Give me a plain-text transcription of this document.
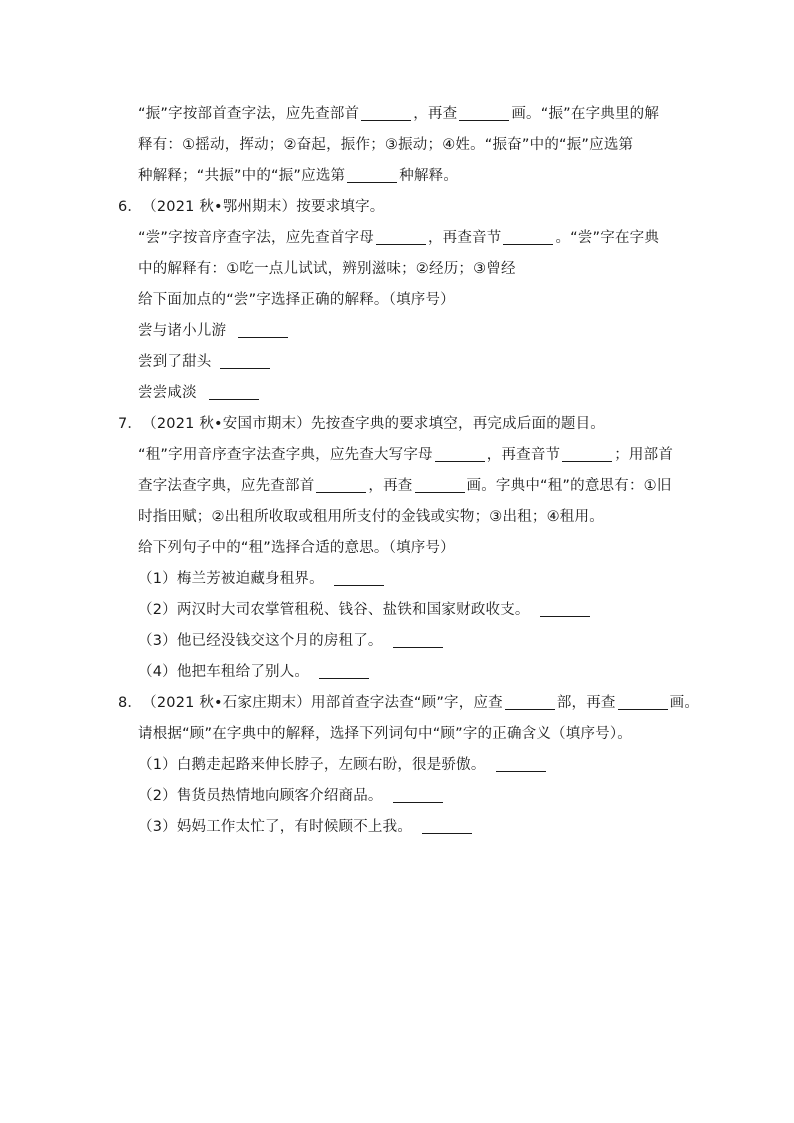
“振”字按部首查字法，应先查部首	，再查	画。“振”在字典里的解
释有：①摇动，挥动；②奋起，振作；③振动；④姓。“振奋”中的“振”应选第
种解释；“共振”中的“振”应选第	种解释。
6．（2021 秋•鄂州期末）按要求填字。
“尝”字按音序查字法，应先查首字母	，再查音节	。“尝”字在字典
中的解释有：①吃一点儿试试，辨别滋味；②经历；③曾经
给下面加点的“尝”字选择正确的解释。（填序号）
尝与诸小儿游
尝到了甜头
尝尝咸淡
7．（2021 秋•安国市期末）先按查字典的要求填空，再完成后面的题目。
“租”字用音序查字法查字典，应先查大写字母	，再查音节	；用部首
查字法查字典，应先查部首	，再查	画。字典中“租”的意思有：①旧
时指田赋；②出租所收取或租用所支付的金钱或实物；③出租；④租用。
给下列句子中的“租”选择合适的意思。（填序号）
（1）梅兰芳被迫藏身租界。
（2）两汉时大司农掌管租税、钱谷、盐铁和国家财政收支。
（3）他已经没钱交这个月的房租了。
（4）他把车租给了别人。
8．（2021 秋•石家庄期末）用部首查字法查“顾”字，应查	部，再查	画。
请根据“顾”在字典中的解释，选择下列词句中“顾”字的正确含义（填序号）。
（1）白鹅走起路来伸长脖子，左顾右盼，很是骄傲。
（2）售货员热情地向顾客介绍商品。
（3）妈妈工作太忙了，有时候顾不上我。
